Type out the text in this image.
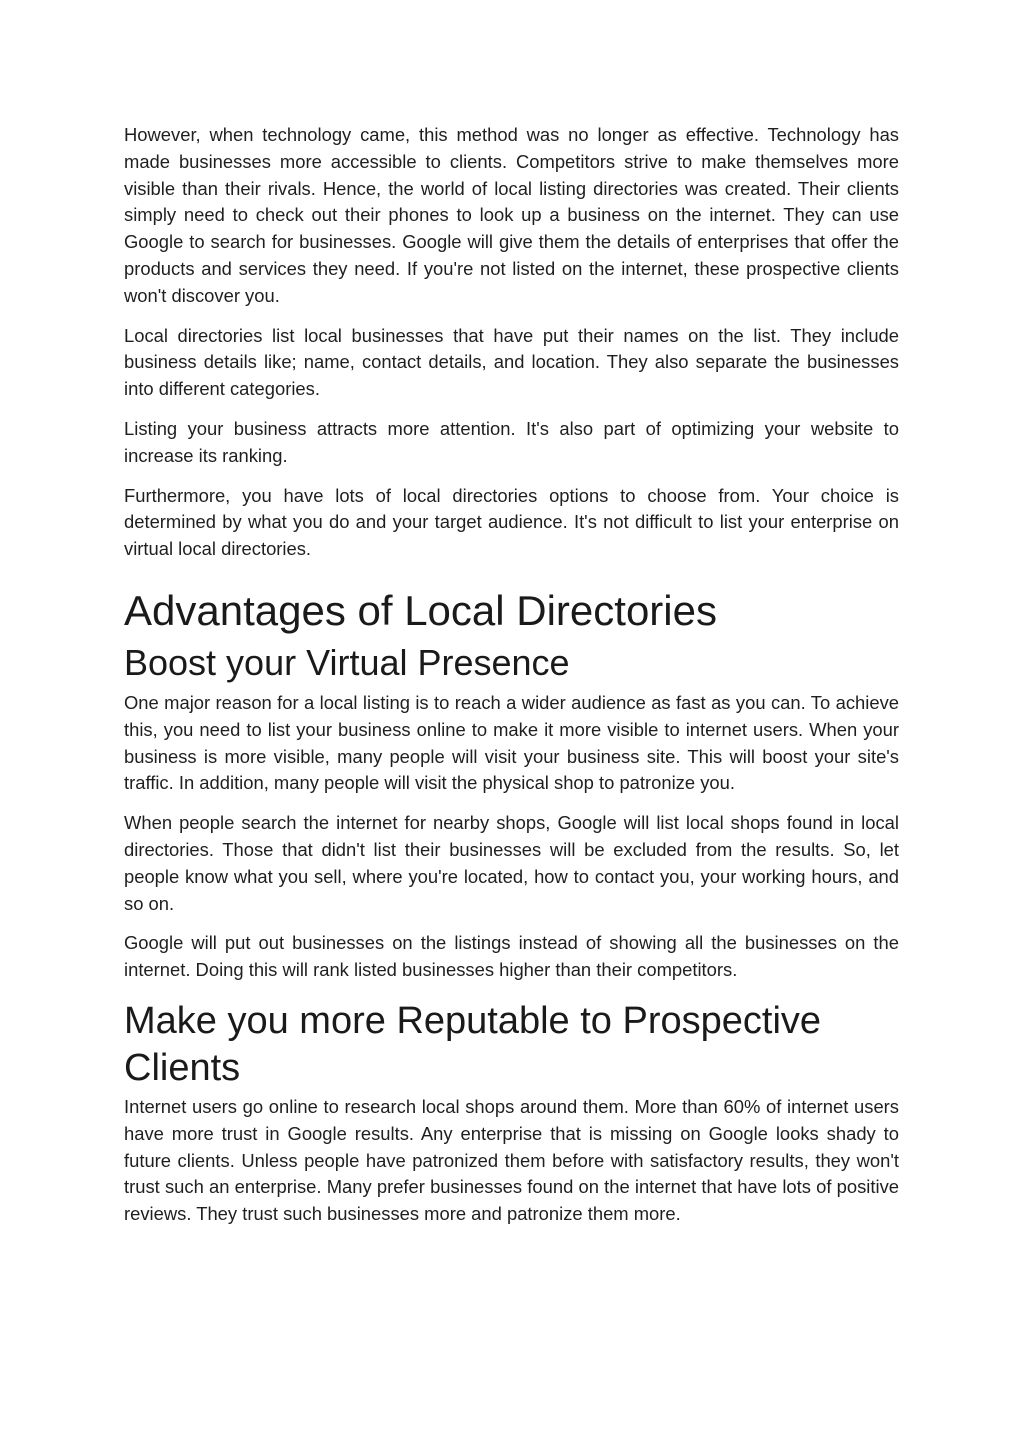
However, when technology came, this method was no longer as effective. Technology has made businesses more accessible to clients. Competitors strive to make themselves more visible than their rivals. Hence, the world of local listing directories was created. Their clients simply need to check out their phones to look up a business on the internet. They can use Google to search for businesses. Google will give them the details of enterprises that offer the products and services they need. If you're not listed on the internet, these prospective clients won't discover you.

Local directories list local businesses that have put their names on the list. They include business details like; name, contact details, and location. They also separate the businesses into different categories.

Listing your business attracts more attention. It's also part of optimizing your website to increase its ranking.

Furthermore, you have lots of local directories options to choose from. Your choice is determined by what you do and your target audience. It's not difficult to list your enterprise on virtual local directories.

Advantages of Local Directories
Boost your Virtual Presence

One major reason for a local listing is to reach a wider audience as fast as you can. To achieve this, you need to list your business online to make it more visible to internet users. When your business is more visible, many people will visit your business site. This will boost your site's traffic. In addition, many people will visit the physical shop to patronize you.

When people search the internet for nearby shops, Google will list local shops found in local directories. Those that didn't list their businesses will be excluded from the results. So, let people know what you sell, where you're located, how to contact you, your working hours, and so on.

Google will put out businesses on the listings instead of showing all the businesses on the internet. Doing this will rank listed businesses higher than their competitors.

Make you more Reputable to Prospective Clients

Internet users go online to research local shops around them. More than 60% of internet users have more trust in Google results. Any enterprise that is missing on Google looks shady to future clients. Unless people have patronized them before with satisfactory results, they won't trust such an enterprise. Many prefer businesses found on the internet that have lots of positive reviews. They trust such businesses more and patronize them more.
